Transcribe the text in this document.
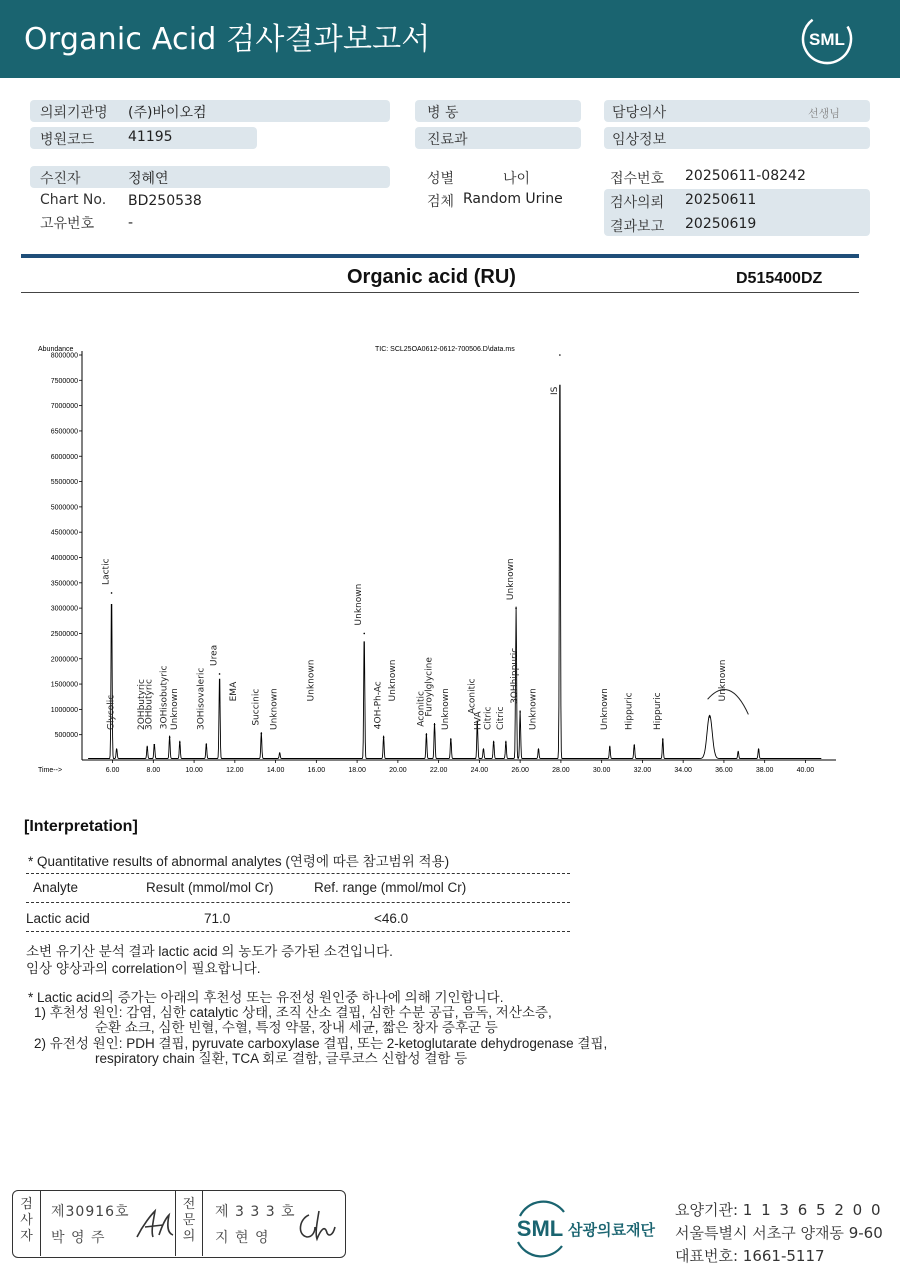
Organic Acid 검사결과보고서	SML
의뢰기관명 (주)바이오컴
병원코드 41195
병 동
진료과
담당의사	선생님
임상정보
수진자	정혜연
Chart No. BD250538
고유번호 -
성별	나이
검체 Random Urine
접수번호 20250611-08242
검사의뢰 20250611
결과보고 20250619
Organic acid (RU)	D515400DZ
Abundance
Time-->
TIC: SCL25OA0612-0612-700506.D\data.ms
500000
1000000
1500000
2000000
2500000
3000000
3500000
4000000
4500000
5000000
5500000
6000000
6500000
7000000
7500000
8000000
6.00	8.00	10.00	12.00	14.00	16.00	18.00	20.00	22.00	24.00	26.00	28.00	30.00	32.00	34.00	36.00	38.00	40.00
Lactic
Glycolic 2OHbutyric
3OHbutyric 3OHisobutyric Unknown 3OHisovaleric
Urea
EMA Succinic Unknown
Unknown
Unknown
4OH-Ph-Ac
Unknown
Aconitic
Furoylglycine Unknown Aconitic
HVA Citric Citric
Unknown
3OHhippuric
Unknown
IS
Unknown Hippuric Hippuric
Unknown
[Interpretation]
* Quantitative results of abnormal analytes (연령에 따른 참고범위 적용)
Analyte	Result (mmol/mol Cr)	Ref. range (mmol/mol Cr)
Lactic acid	71.0	<46.0
소변 유기산 분석 결과 lactic acid 의 농도가 증가된 소견입니다.
임상 양상과의 correlation이 필요합니다.
* Lactic acid의 증가는 아래의 후천성 또는 유전성 원인중 하나에 의해 기인합니다.
1) 후천성 원인: 감염, 심한 catalytic 상태, 조직 산소 결핍, 심한 수분 공급, 음독, 저산소증,
순환 쇼크, 심한 빈혈, 수혈, 특정 약물, 장내 세균, 짧은 창자 증후군 등
2) 유전성 원인: PDH 결핍, pyruvate carboxylase 결핍, 또는 2-ketoglutarate dehydrogenase 결핍,
respiratory chain 질환, TCA 회로 결함, 글루코스 신합성 결함 등
검
사
자
제30916호
박 영 주
전
문
의
제 3 3 3 호
지 현 영	SML 삼광의료재단
요양기관: 1 1 3 6 5 2 0 0
서울특별시 서초구 양재동 9-60
대표번호: 1661-5117
